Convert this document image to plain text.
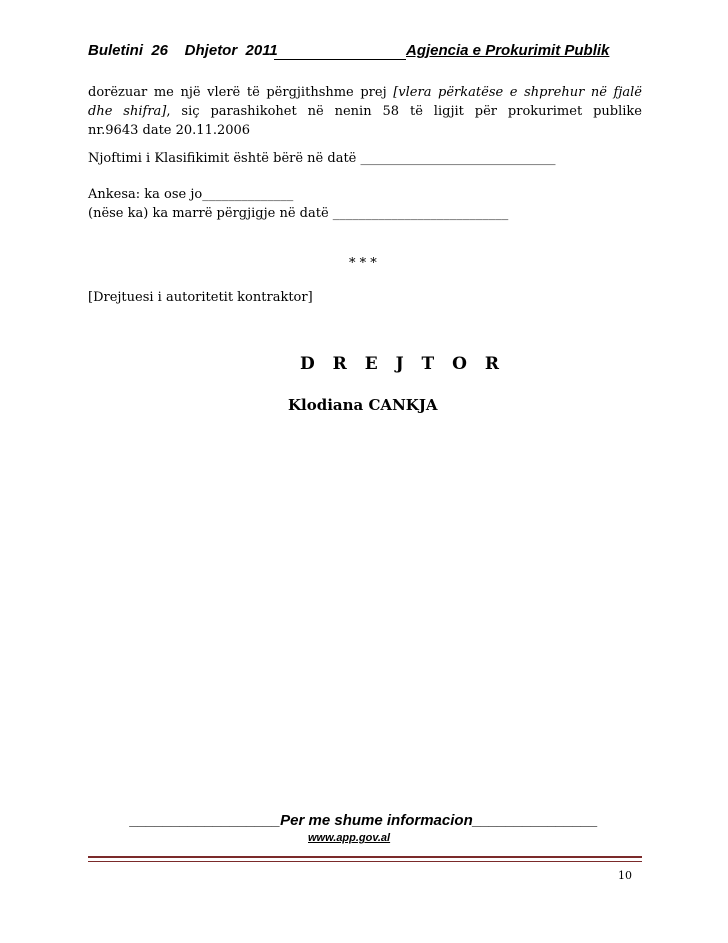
Buletini  26    Dhjetor  2011	Agjencia e Prokurimit Publik
dorëzuar me një vlerë të përgjithshme prej [vlera përkatëse e shprehur në fjalë
dhe shifra], siç parashikohet në nenin 58 të ligjit për prokurimet publike
nr.9643 date 20.11.2006
Njoftimi i Klasifikimit është bërë në datë ______________________________
Ankesa: ka ose jo______________
(nëse ka) ka marrë përgjigje në datë ___________________________
* * *
[Drejtuesi i autoritetit kontraktor]
D R E J T O R
Klodiana CANKJA
__________________Per me shume informacion_______________
www.app.gov.al
10
